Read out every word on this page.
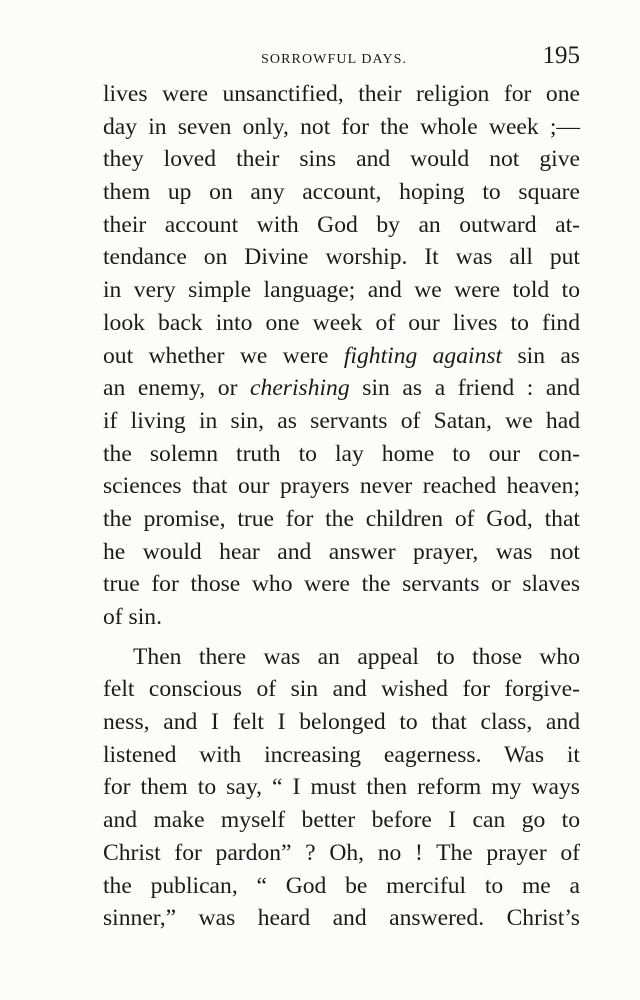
SORROWFUL DAYS.	195
lives were unsanctified, their religion for one
day in seven only, not for the whole week ;—
they loved their sins and would not give
them up on any account, hoping to square
their account with God by an outward at-
tendance on Divine worship. It was all put
in very simple language; and we were told to
look back into one week of our lives to find
out whether we were fighting against sin as
an enemy, or cherishing sin as a friend : and
if living in sin, as servants of Satan, we had
the solemn truth to lay home to our con-
sciences that our prayers never reached heaven;
the promise, true for the children of God, that
he would hear and answer prayer, was not
true for those who were the servants or slaves
of sin.
Then there was an appeal to those who
felt conscious of sin and wished for forgive-
ness, and I felt I belonged to that class, and
listened with increasing eagerness. Was it
for them to say, “ I must then reform my ways
and make myself better before I can go to
Christ for pardon” ? Oh, no ! The prayer of
the publican, “ God be merciful to me a
sinner,” was heard and answered. Christ’s
